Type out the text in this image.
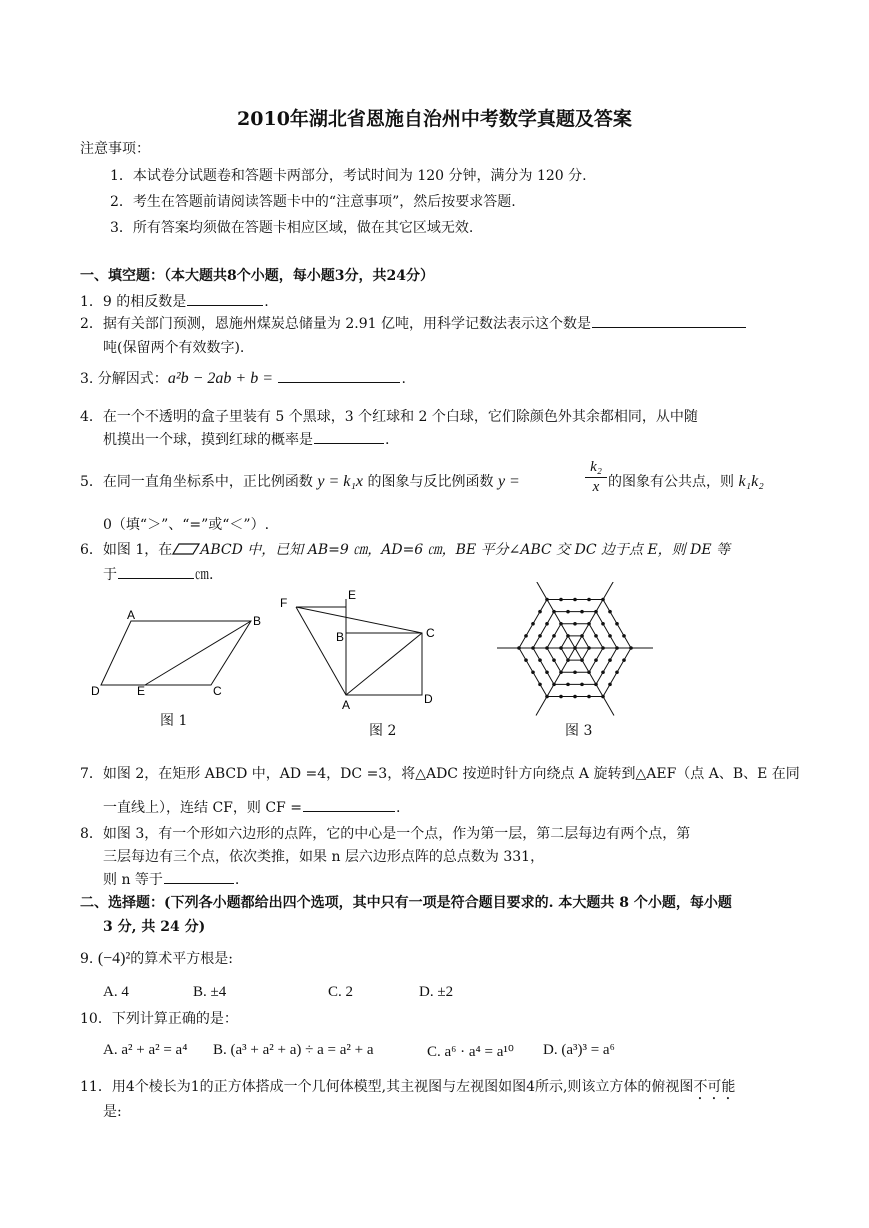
2010年湖北省恩施自治州中考数学真题及答案
注意事项：
1．本试卷分试题卷和答题卡两部分，考试时间为 120 分钟，满分为 120 分.
2．考生在答题前请阅读答题卡中的“注意事项”，然后按要求答题.
3．所有答案均须做在答题卡相应区域，做在其它区域无效.
一、填空题：（本大题共8个小题，每小题3分，共24分）
1．9 的相反数是	.
2．据有关部门预测，恩施州煤炭总储量为 2.91 亿吨，用科学记数法表示这个数是
吨(保留两个有效数字).
3. 分解因式：a²b − 2ab + b =	.
4．在一个不透明的盒子里装有 5 个黑球，3 个红球和 2 个白球，它们除颜色外其余都相同，从中随
机摸出一个球，摸到红球的概率是	.
5．在同一直角坐标系中，正比例函数 y = k₁x 的图象与反比例函数 y =
k₂
x 的图象有公共点，则 k₁k₂
0（填“＞”、“=”或“＜”）.
6．如图 1，在 ABCD 中，已知 AB=9 ㎝，AD=6 ㎝，BE 平分∠ABC 交 DC 边于点 E，则 DE 等
于	㎝.
A	B
C
D	E
图 1
F
E
B	C
A	D
图 2	图 3
7．如图 2，在矩形 ABCD 中，AD =4，DC =3，将△ADC 按逆时针方向绕点 A 旋转到△AEF（点 A、B、E 在同
一直线上），连结 CF，则 CF =	.
8．如图 3，有一个形如六边形的点阵，它的中心是一个点，作为第一层，第二层每边有两个点，第
三层每边有三个点，依次类推，如果 n 层六边形点阵的总点数为 331，
则 n 等于	.
二、选择题：(下列各小题都给出四个选项，其中只有一项是符合题目要求的. 本大题共 8 个小题，每小题
3 分, 共 24 分)
9. (−4)²的算术平方根是:
A. 4	B. ±4	C. 2	D. ±2
10．下列计算正确的是：
A. a² + a² = a⁴ B. (a³ + a² + a) ÷ a = a² + a	C. a⁶ · a⁴ = a¹⁰ D. (a³)³ = a⁶
11．用4个棱长为1的正方体搭成一个几何体模型,其主视图与左视图如图4所示,则该立方体的俯视图不可能
是:
